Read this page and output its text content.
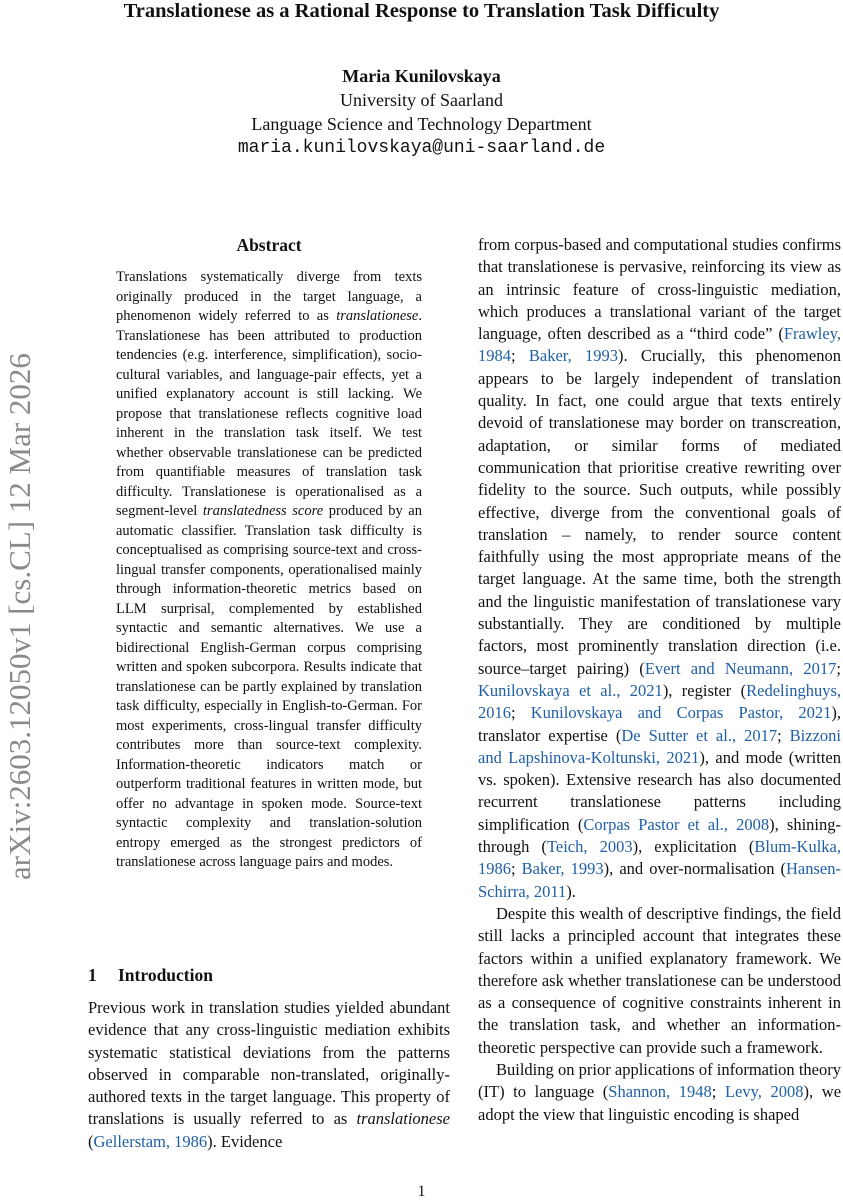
Translationese as a Rational Response to Translation Task Difficulty
Maria Kunilovskaya
University of Saarland
Language Science and Technology Department
maria.kunilovskaya@uni-saarland.de
arXiv:2603.12050v1 [cs.CL] 12 Mar 2026
Abstract

Translations systematically diverge from texts originally produced in the target language, a phenomenon widely referred to as translationese. Translationese has been attributed to production tendencies (e.g. interference, simplification), socio-cultural variables, and language-pair effects, yet a unified explanatory account is still lacking. We propose that translationese reflects cognitive load inherent in the translation task itself. We test whether observable translationese can be predicted from quantifiable measures of translation task difficulty. Translationese is operationalised as a segment-level translatedness score produced by an automatic classifier. Translation task difficulty is conceptualised as comprising source-text and cross-lingual transfer components, operationalised mainly through information-theoretic metrics based on LLM surprisal, complemented by established syntactic and semantic alternatives. We use a bidirectional English-German corpus comprising written and spoken subcorpora. Results indicate that translationese can be partly explained by translation task difficulty, especially in English-to-German. For most experiments, cross-lingual transfer difficulty contributes more than source-text complexity. Information-theoretic indicators match or outperform traditional features in written mode, but offer no advantage in spoken mode. Source-text syntactic complexity and translation-solution entropy emerged as the strongest predictors of translationese across language pairs and modes.

1 Introduction

Previous work in translation studies yielded abundant evidence that any cross-linguistic mediation exhibits systematic statistical deviations from the patterns observed in comparable non-translated, originally-authored texts in the target language. This property of translations is usually referred to as translationese (Gellerstam, 1986). Evidence

from corpus-based and computational studies confirms that translationese is pervasive, reinforcing its view as an intrinsic feature of cross-linguistic mediation, which produces a translational variant of the target language, often described as a “third code” (Frawley, 1984; Baker, 1993). Crucially, this phenomenon appears to be largely independent of translation quality. In fact, one could argue that texts entirely devoid of translationese may border on transcreation, adaptation, or similar forms of mediated communication that prioritise creative rewriting over fidelity to the source. Such outputs, while possibly effective, diverge from the conventional goals of translation – namely, to render source content faithfully using the most appropriate means of the target language. At the same time, both the strength and the linguistic manifestation of translationese vary substantially. They are conditioned by multiple factors, most prominently translation direction (i.e. source–target pairing) (Evert and Neumann, 2017; Kunilovskaya et al., 2021), register (Redelinghuys, 2016; Kunilovskaya and Corpas Pastor, 2021), translator expertise (De Sutter et al., 2017; Bizzoni and Lapshinova-Koltunski, 2021), and mode (written vs. spoken). Extensive research has also documented recurrent translationese patterns including simplification (Corpas Pastor et al., 2008), shining-through (Teich, 2003), explicitation (Blum-Kulka, 1986; Baker, 1993), and over-normalisation (Hansen-Schirra, 2011).

Despite this wealth of descriptive findings, the field still lacks a principled account that integrates these factors within a unified explanatory framework. We therefore ask whether translationese can be understood as a consequence of cognitive constraints inherent in the translation task, and whether an information-theoretic perspective can provide such a framework.

Building on prior applications of information theory (IT) to language (Shannon, 1948; Levy, 2008), we adopt the view that linguistic encoding is shaped

1
